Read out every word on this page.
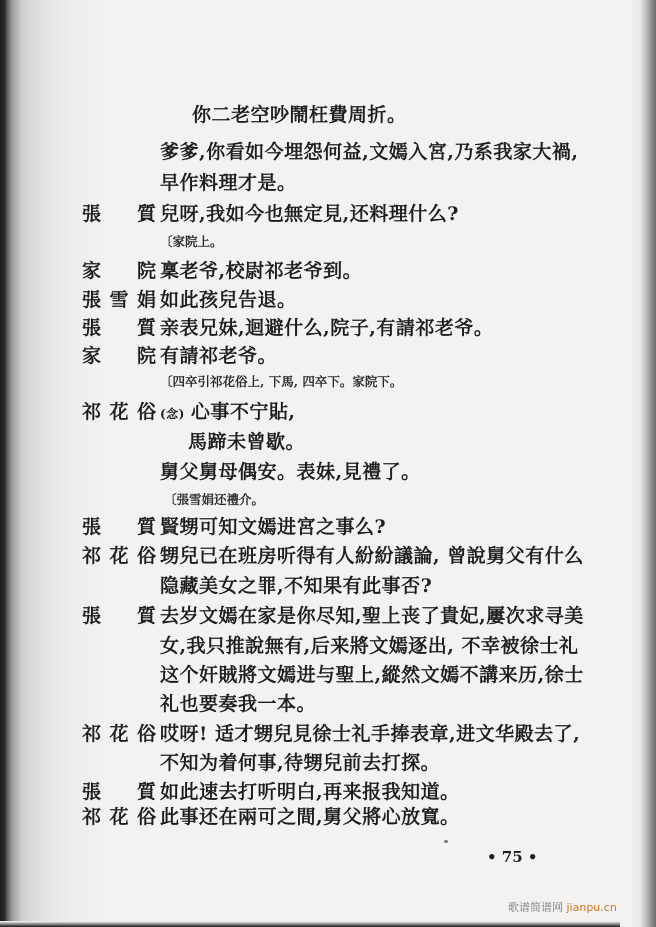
你二老空吵鬧枉費周折。
爹爹,你看如今埋怨何益,文嫣入宮,乃系我家大禍,
早作料理才是。
張 質 兒呀,我如今也無定見,还料理什么?
〔家院上。
家 院 稟老爷,校尉祁老爷到。
張 雪 娟 如此孩兒告退。
張 質 亲表兄妹,迴避什么,院子,有請祁老爷。
家 院 有請祁老爷。
〔四卒引祁花俗上, 下馬, 四卒下。家院下。
祁 花 俗 (念) 心事不宁貼,
馬蹄未曾歇。
舅父舅母偶安。表妹,見禮了。
〔張雪娟还禮介。
張 質 賢甥可知文嫣进宮之事么?
祁 花 俗 甥兒已在班房听得有人紛紛議論, 曾說舅父有什么
隐藏美女之罪,不知果有此事否?
張 質 去岁文嫣在家是你尽知,聖上丧了貴妃,屢次求寻美
女,我只推說無有,后来將文嫣逐出, 不幸被徐士礼
这个奸賊將文嫣进与聖上,縱然文嫣不講来历,徐士
礼也要奏我一本。
祁 花 俗 哎呀! 适才甥兒見徐士礼手捧表章,进文华殿去了,
不知为着何事,待甥兒前去打探。
張 質 如此速去打听明白,再来报我知道。
祁 花 俗 此事还在兩可之間,舅父將心放寬。
• 75 •
歌谱简谱网 jianpu.cn
